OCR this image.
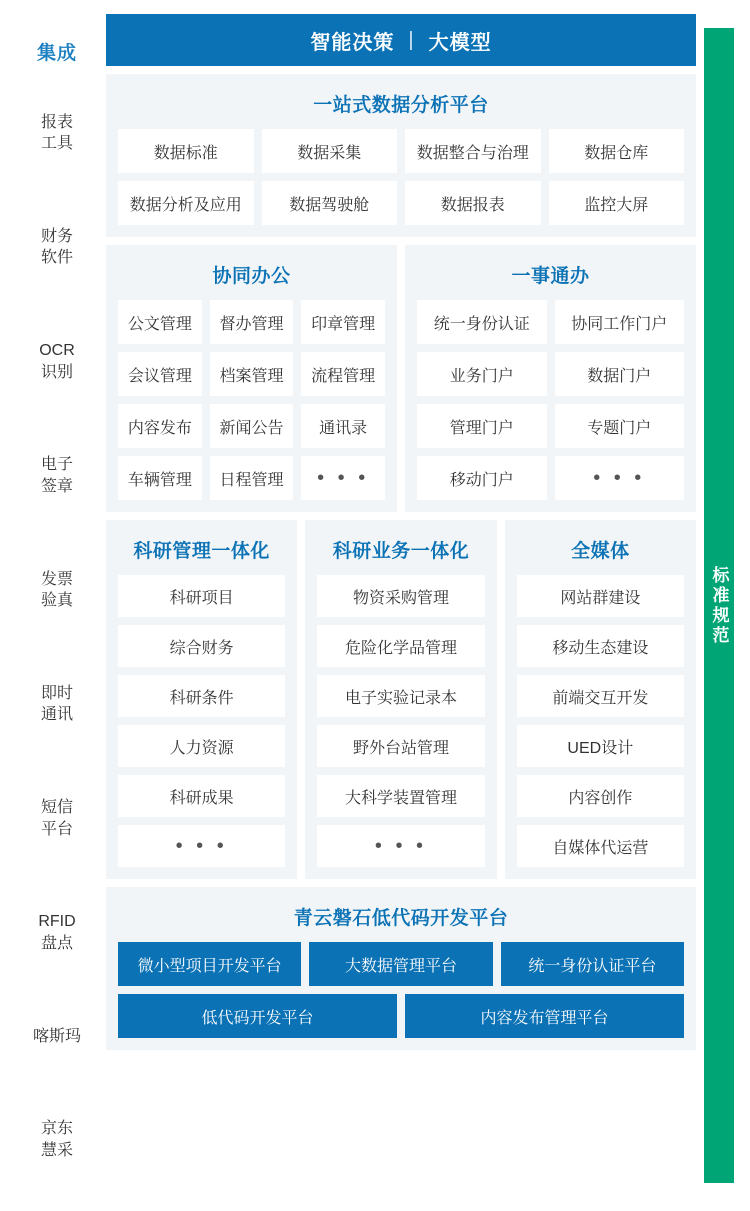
集成
报表
工具
财务
软件
OCR
识别
电子
签章
发票
验真
即时
通讯
短信
平台
RFID
盘点
喀斯玛
京东
慧采
智能决策 | 大模型
一站式数据分析平台
数据标准	数据采集	数据整合与治理	数据仓库
数据分析及应用	数据驾驶舱	数据报表	监控大屏
协同办公
公文管理	督办管理	印章管理
会议管理	档案管理	流程管理
内容发布	新闻公告	通讯录
车辆管理	日程管理	• • •
一事通办
统一身份认证	协同工作门户
业务门户	数据门户
管理门户	专题门户
移动门户	• • •
科研管理一体化
科研项目
综合财务
科研条件
人力资源
科研成果
• • •
科研业务一体化
物资采购管理
危险化学品管理
电子实验记录本
野外台站管理
大科学装置管理
• • •
全媒体
网站群建设
移动生态建设
前端交互开发
UED设计
内容创作
自媒体代运营
青云磐石低代码开发平台
微小型项目开发平台	大数据管理平台	统一身份认证平台
低代码开发平台	内容发布管理平台
标准规范
